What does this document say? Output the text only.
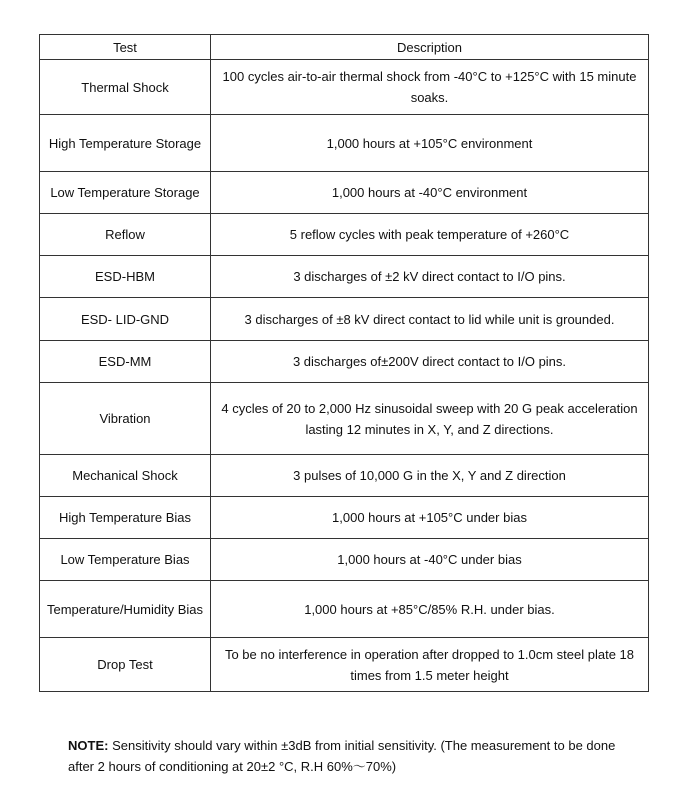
Test	Description
Thermal Shock	100 cycles air-to-air thermal shock from -40°C to +125°C with 15 minute soaks.
High Temperature Storage	1,000 hours at +105°C environment
Low Temperature Storage	1,000 hours at -40°C environment
Reflow	5 reflow cycles with peak temperature of +260°C
ESD-HBM	3 discharges of ±2 kV direct contact to I/O pins.
ESD- LID-GND	3 discharges of ±8 kV direct contact to lid while unit is grounded.
ESD-MM	3 discharges of±200V direct contact to I/O pins.
Vibration	4 cycles of 20 to 2,000 Hz sinusoidal sweep with 20 G peak acceleration lasting 12 minutes in X, Y, and Z directions.
Mechanical Shock	3 pulses of 10,000 G in the X, Y and Z direction
High Temperature Bias	1,000 hours at +105°C under bias
Low Temperature Bias	1,000 hours at -40°C under bias
Temperature/Humidity Bias	1,000 hours at +85°C/85% R.H. under bias.
Drop Test	To be no interference in operation after dropped to 1.0cm steel plate 18 times from 1.5 meter height
NOTE: Sensitivity should vary within ±3dB from initial sensitivity. (The measurement to be done after 2 hours of conditioning at 20±2 °C, R.H 60%～70%)
